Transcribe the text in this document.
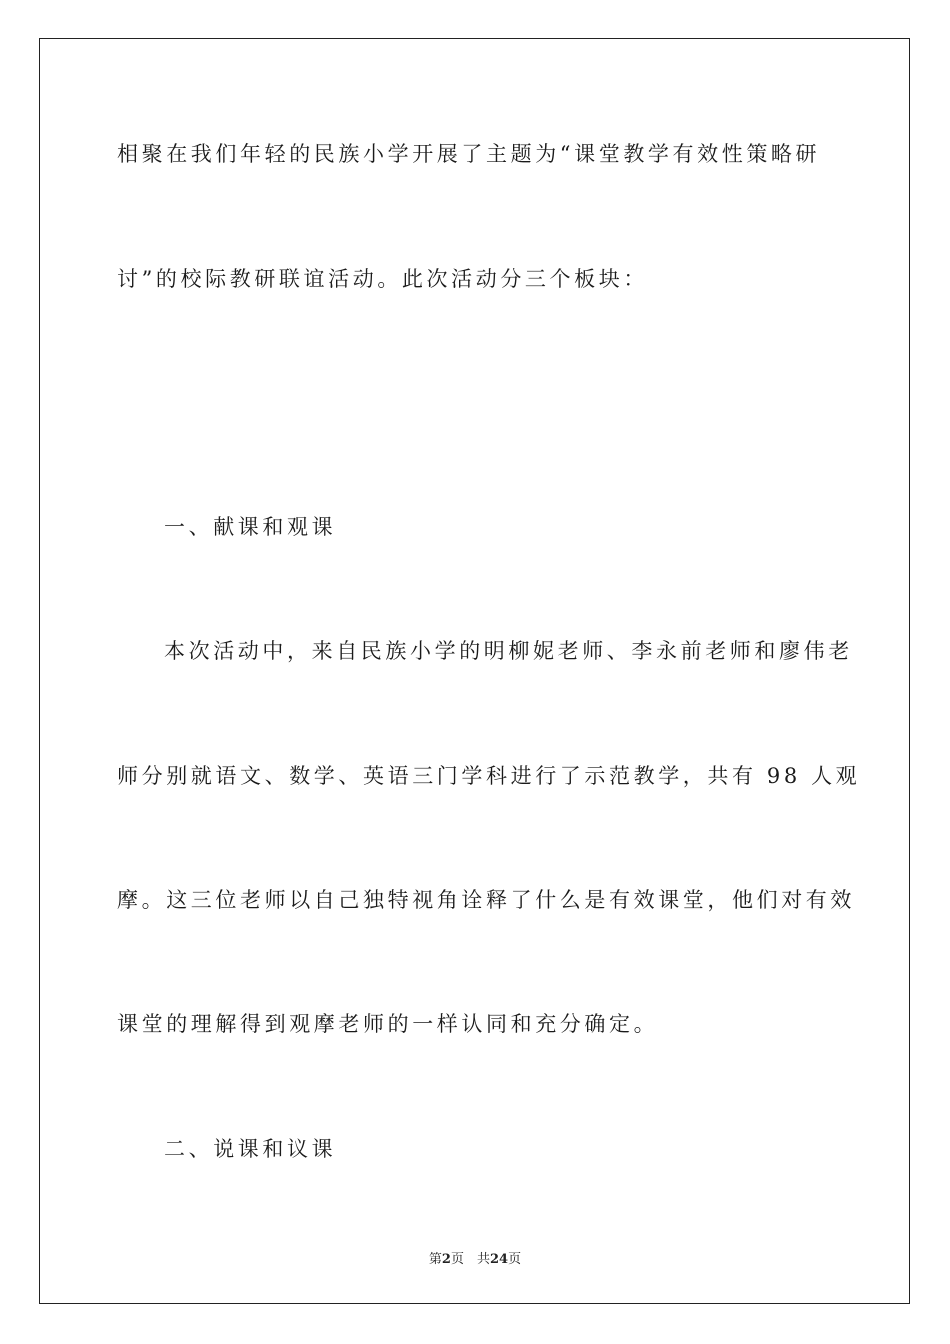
相聚在我们年轻的民族小学开展了主题为“课堂教学有效性策略研

讨”的校际教研联谊活动。此次活动分三个板块：

一、献课和观课

本次活动中，来自民族小学的明柳妮老师、李永前老师和廖伟老

师分别就语文、数学、英语三门学科进行了示范教学，共有 98 人观

摩。这三位老师以自己独特视角诠释了什么是有效课堂，他们对有效

课堂的理解得到观摩老师的一样认同和充分确定。

二、说课和议课

第2页　共24页
